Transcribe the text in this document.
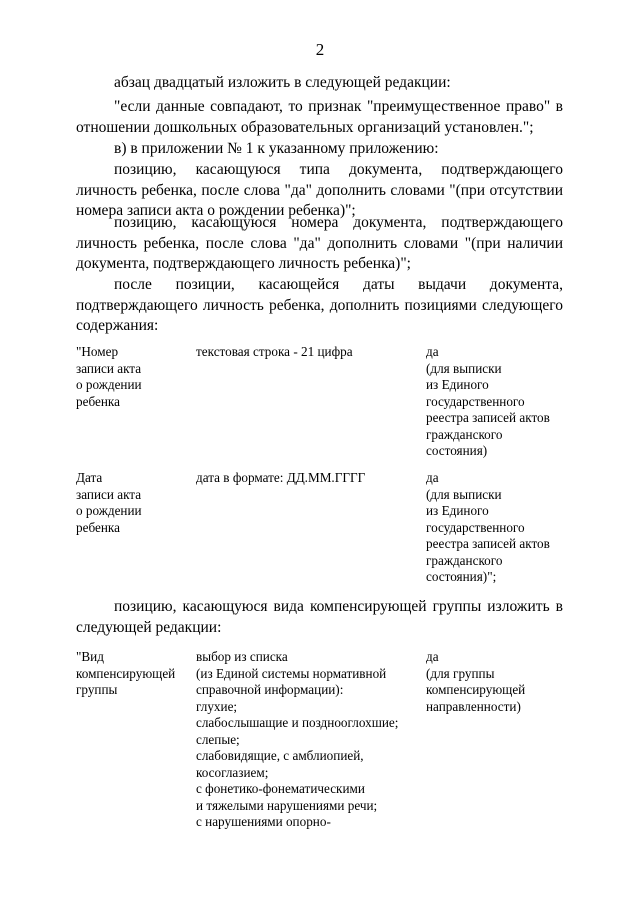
2

абзац двадцатый изложить в следующей редакции:

"если данные совпадают, то признак "преимущественное право" в отношении дошкольных образовательных организаций установлен.";

в) в приложении № 1 к указанному приложению:

позицию, касающуюся типа документа, подтверждающего личность ребенка, после слова "да" дополнить словами "(при отсутствии номера записи акта о рождении ребенка)";

позицию, касающуюся номера документа, подтверждающего личность ребенка, после слова "да" дополнить словами "(при наличии документа, подтверждающего личность ребенка)";

после позиции, касающейся даты выдачи документа, подтверждающего личность ребенка, дополнить позициями следующего содержания:

"Номер
записи акта
о рождении
ребенка
текстовая строка - 21 цифра	да
(для выписки
из Единого
государственного
реестра записей актов
гражданского
состояния)
Дата
записи акта
о рождении
ребенка
дата в формате: ДД.ММ.ГГГГ	да
(для выписки
из Единого
государственного
реестра записей актов
гражданского
состояния)";

позицию, касающуюся вида компенсирующей группы изложить в следующей редакции:

"Вид
компенсирующей
группы
выбор из списка
(из Единой системы нормативной
справочной информации):
глухие;
слабослышащие и позднооглохшие;
слепые;
слабовидящие, с амблиопией,
косоглазием;
с фонетико-фонематическими
и тяжелыми нарушениями речи;
с нарушениями опорно-
да
(для группы
компенсирующей
направленности)
